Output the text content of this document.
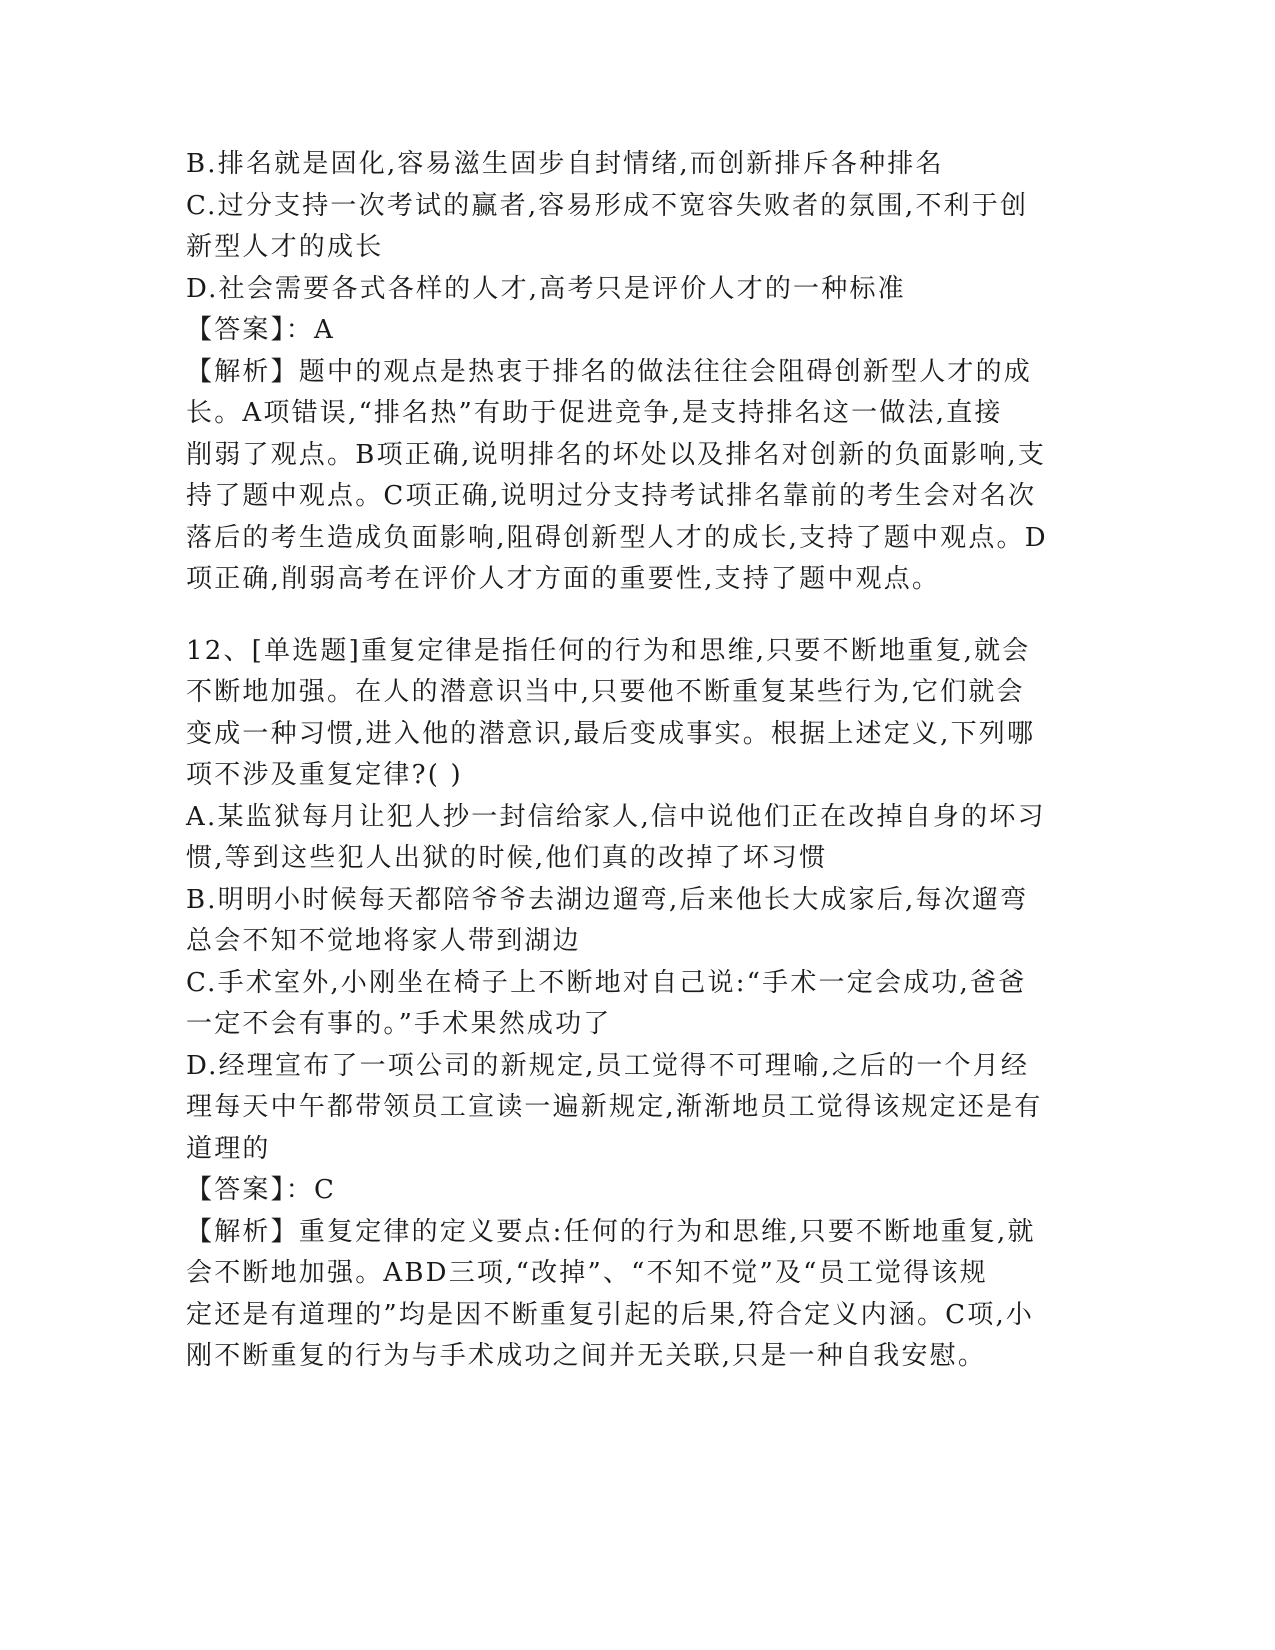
B.排名就是固化,容易滋生固步自封情绪,而创新排斥各种排名
C.过分支持一次考试的赢者,容易形成不宽容失败者的氛围,不利于创
新型人才的成长
D.社会需要各式各样的人才,高考只是评价人才的一种标准
【答案】：A
【解析】题中的观点是热衷于排名的做法往往会阻碍创新型人才的成
长。A项错误,“排名热”有助于促进竞争,是支持排名这一做法,直接
削弱了观点。B项正确,说明排名的坏处以及排名对创新的负面影响,支
持了题中观点。C项正确,说明过分支持考试排名靠前的考生会对名次
落后的考生造成负面影响,阻碍创新型人才的成长,支持了题中观点。D
项正确,削弱高考在评价人才方面的重要性,支持了题中观点。
12、[单选题]重复定律是指任何的行为和思维,只要不断地重复,就会
不断地加强。在人的潜意识当中,只要他不断重复某些行为,它们就会
变成一种习惯,进入他的潜意识,最后变成事实。根据上述定义,下列哪
项不涉及重复定律?( )
A.某监狱每月让犯人抄一封信给家人,信中说他们正在改掉自身的坏习
惯,等到这些犯人出狱的时候,他们真的改掉了坏习惯
B.明明小时候每天都陪爷爷去湖边遛弯,后来他长大成家后,每次遛弯
总会不知不觉地将家人带到湖边
C.手术室外,小刚坐在椅子上不断地对自己说:“手术一定会成功,爸爸
一定不会有事的。”手术果然成功了
D.经理宣布了一项公司的新规定,员工觉得不可理喻,之后的一个月经
理每天中午都带领员工宣读一遍新规定,渐渐地员工觉得该规定还是有
道理的
【答案】：C
【解析】重复定律的定义要点:任何的行为和思维,只要不断地重复,就
会不断地加强。ABD三项,“改掉”、“不知不觉”及“员工觉得该规
定还是有道理的”均是因不断重复引起的后果,符合定义内涵。C项,小
刚不断重复的行为与手术成功之间并无关联,只是一种自我安慰。
